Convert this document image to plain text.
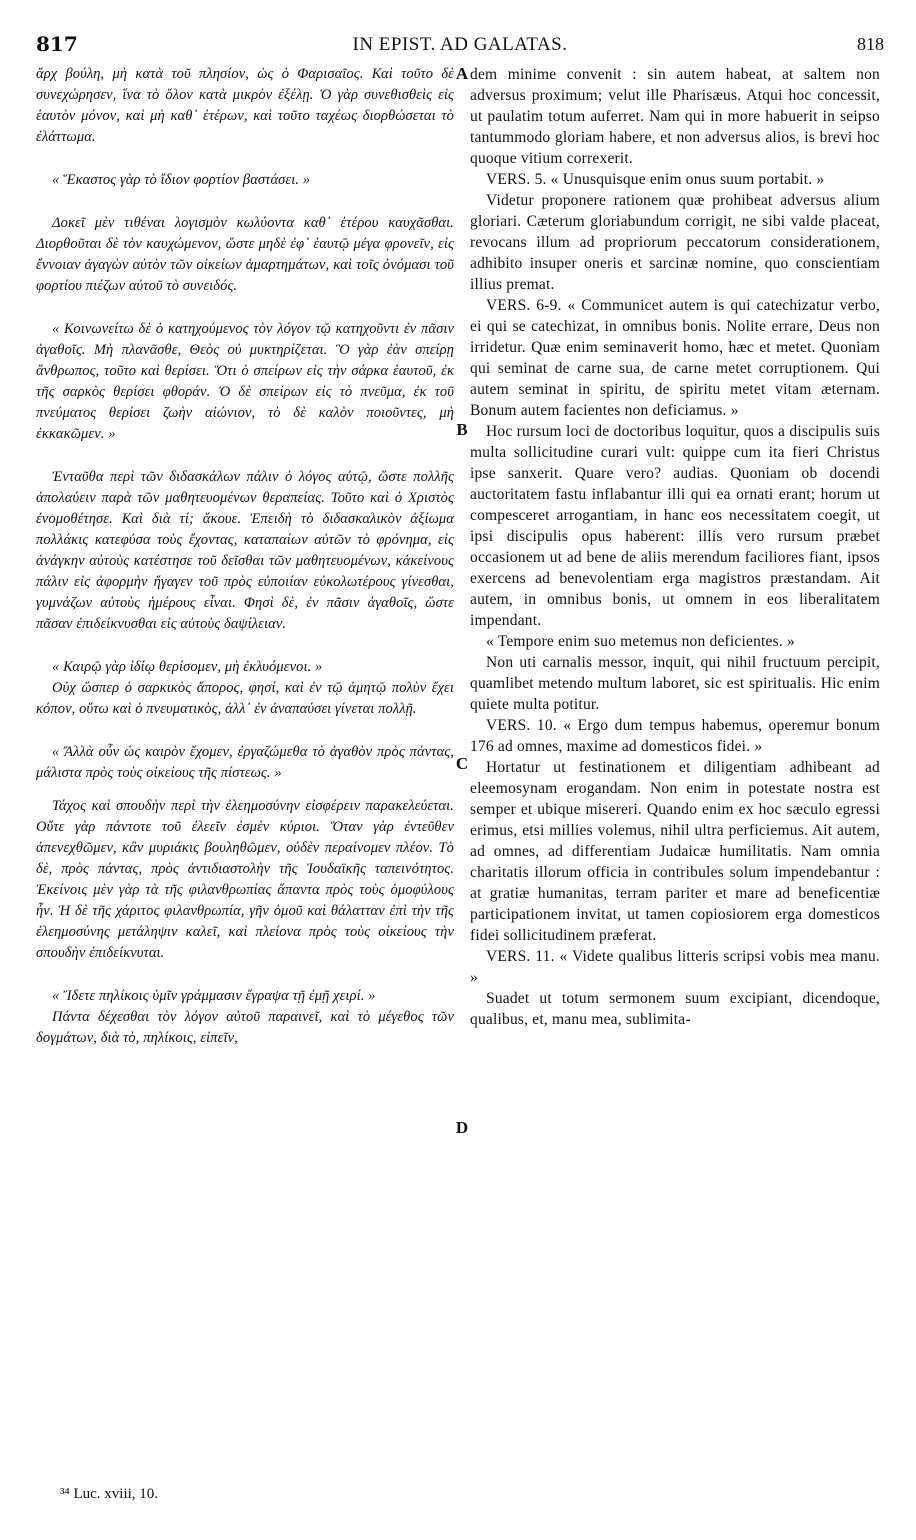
817	IN EPIST. AD GALATAS.	818

ἄρχ βούλη, μὴ κατὰ τοῦ πλησίον, ὡς ὁ Φαρισαῖος. Καὶ τοῦτο δὲ συνεχώρησεν, ἵνα τὸ ὅλον κατὰ μικρὸν ἐξέλῃ. Ὁ γὰρ συνεθισθεὶς εἰς ἑαυτὸν μόνον, καὶ μὴ καθ᾽ ἑτέρων, καὶ τοῦτο ταχέως διορθώσεται τὸ ἐλάττωμα.

« Ἕκαστος γὰρ τὸ ἴδιον φορτίον βαστάσει. »

Δοκεῖ μὲν τιθέναι λογισμὸν κωλύοντα καθ᾽ ἑτέρου καυχᾶσθαι. Διορθοῦται δὲ τὸν καυχώμενον, ὥστε μηδὲ ἐφ᾽ ἑαυτῷ μέγα φρονεῖν, εἰς ἔννοιαν ἀγαγὼν αὐτὸν τῶν οἰκείων ἁμαρτημάτων, καὶ τοῖς ὀνόμασι τοῦ φορτίου πιέζων αὐτοῦ τὸ συνειδός.

« Κοινωνείτω δὲ ὁ κατηχούμενος τὸν λόγον τῷ κατηχοῦντι ἐν πᾶσιν ἀγαθοῖς. Μὴ πλανᾶσθε, Θεὸς οὐ μυκτηρίζεται. Ὃ γὰρ ἐὰν σπείρῃ ἄνθρωπος, τοῦτο καὶ θερίσει. Ὅτι ὁ σπείρων εἰς τὴν σάρκα ἑαυτοῦ, ἐκ τῆς σαρκὸς θερίσει φθοράν. Ὁ δὲ σπείρων εἰς τὸ πνεῦμα, ἐκ τοῦ πνεύματος θερίσει ζωὴν αἰώνιον, τὸ δὲ καλὸν ποιοῦντες, μὴ ἐκκακῶμεν. »

Ἐνταῦθα περὶ τῶν διδασκάλων πάλιν ὁ λόγος αὐτῷ, ὥστε πολλῆς ἀπολαύειν παρὰ τῶν μαθητευομένων θεραπείας. Τοῦτο καὶ ὁ Χριστὸς ἐνομοθέτησε. Καὶ διὰ τί; ἄκουε. Ἐπειδὴ τὸ διδασκαλικὸν ἀξίωμα πολλάκις κατεφύσα τοὺς ἔχοντας, καταπαίων αὐτῶν τὸ φρόνημα, εἰς ἀνάγκην αὐτοὺς κατέστησε τοῦ δεῖσθαι τῶν μαθητευομένων, κἀκείνους πάλιν εἰς ἀφορμὴν ἤγαγεν τοῦ πρὸς εὐποιίαν εὐκολωτέρους γίνεσθαι, γυμνάζων αὐτοὺς ἡμέρους εἶναι. Φησὶ δὲ, ἐν πᾶσιν ἀγαθοῖς, ὥστε πᾶσαν ἐπιδείκνυσθαι εἰς αὐτοὺς δαψίλειαν.

« Καιρῷ γὰρ ἰδίῳ θερίσομεν, μὴ ἐκλυόμενοι. »

Οὐχ ὥσπερ ὁ σαρκικὸς ἄπορος, φησί, καὶ ἐν τῷ ἀμητῷ πολὺν ἔχει κόπον, οὕτω καὶ ὁ πνευματικὸς, ἀλλ᾽ ἐν ἀναπαύσει γίνεται πολλῇ.

« Ἄλλὰ οὖν ὡς καιρὸν ἔχομεν, ἐργαζώμεθα τὸ ἀγαθὸν πρὸς πάντας, μάλιστα πρὸς τοὺς οἰκείους τῆς πίστεως. »

Τάχος καὶ σπουδὴν περὶ τὴν ἐλεημοσύνην εἰσφέρειν παρακελεύεται. Οὔτε γὰρ πάντοτε τοῦ ἐλεεῖν ἐσμὲν κύριοι. Ὅταν γὰρ ἐντεῦθεν ἀπενεχθῶμεν, κἂν μυριάκις βουληθῶμεν, οὐδὲν περαίνομεν πλέον. Τὸ δὲ, πρὸς πάντας, πρὸς ἀντιδιαστολὴν τῆς Ἰουδαϊκῆς ταπεινότητος. Ἐκείνοις μὲν γὰρ τὰ τῆς φιλανθρωπίας ἅπαντα πρὸς τοὺς ὁμοφύλους ἦν. Ἡ δὲ τῆς χάριτος φιλανθρωπία, γῆν ὁμοῦ καὶ θάλατταν ἐπὶ τὴν τῆς ἐλεημοσύνης μετάληψιν καλεῖ, καὶ πλείονα πρὸς τοὺς οἰκείους τὴν σπουδὴν ἐπιδείκνυται.

« Ἴδετε πηλίκοις ὑμῖν γράμμασιν ἔγραψα τῇ ἐμῇ χειρί. »

Πάντα δέχεσθαι τὸν λόγον αὐτοῦ παραινεῖ, καὶ τὸ μέγεθος τῶν δογμάτων, διὰ τὸ, πηλίκοις, εἰπεῖν,

A
B
C
D

dem minime convenit : sin autem habeat, at saltem non adversus proximum; velut ille Pharisæus. Atqui hoc concessit, ut paulatim totum auferret. Nam qui in more habuerit in seipso tantummodo gloriam habere, et non adversus alios, is brevi hoc quoque vitium correxerit.

VERS. 5. « Unusquisque enim onus suum portabit. »

Videtur proponere rationem quæ prohibeat adversus alium gloriari. Cæterum gloriabundum corrigit, ne sibi valde placeat, revocans illum ad propriorum peccatorum considerationem, adhibito insuper oneris et sarcinæ nomine, quo conscientiam illius premat.

VERS. 6-9. « Communicet autem is qui catechizatur verbo, ei qui se catechizat, in omnibus bonis. Nolite errare, Deus non irridetur. Quæ enim seminaverit homo, hæc et metet. Quoniam qui seminat de carne sua, de carne metet corruptionem. Qui autem seminat in spiritu, de spiritu metet vitam æternam. Bonum autem facientes non deficiamus. »

Hoc rursum loci de doctoribus loquitur, quos a discipulis suis multa sollicitudine curari vult: quippe cum ita fieri Christus ipse sanxerit. Quare vero? audias. Quoniam ob docendi auctoritatem fastu inflabantur illi qui ea ornati erant; horum ut compesceret arrogantiam, in hanc eos necessitatem coegit, ut ipsi discipulis opus haberent: illis vero rursum præbet occasionem ut ad bene de aliis merendum faciliores fiant, ipsos exercens ad benevolentiam erga magistros præstandam. Ait autem, in omnibus bonis, ut omnem in eos liberalitatem impendant.

« Tempore enim suo metemus non deficientes. »

Non uti carnalis messor, inquit, qui nihil fructuum percipit, quamlibet metendo multum laboret, sic est spiritualis. Hic enim quiete multa potitur.

VERS. 10. « Ergo dum tempus habemus, operemur bonum 176 ad omnes, maxime ad domesticos fidei. »

Hortatur ut festinationem et diligentiam adhibeant ad eleemosynam erogandam. Non enim in potestate nostra est semper et ubique misereri. Quando enim ex hoc sæculo egressi erimus, etsi millies volemus, nihil ultra perficiemus. Ait autem, ad omnes, ad differentiam Judaicæ humilitatis. Nam omnia charitatis illorum officia in contribules solum impendebantur : at gratiæ humanitas, terram pariter et mare ad beneficentiæ participationem invitat, ut tamen copiosiorem erga domesticos fidei sollicitudinem præferat.

VERS. 11. « Videte qualibus litteris scripsi vobis mea manu. »

Suadet ut totum sermonem suum excipiant, dicendoque, qualibus, et, manu mea, sublimita-

³⁴ Luc. xviii, 10.
